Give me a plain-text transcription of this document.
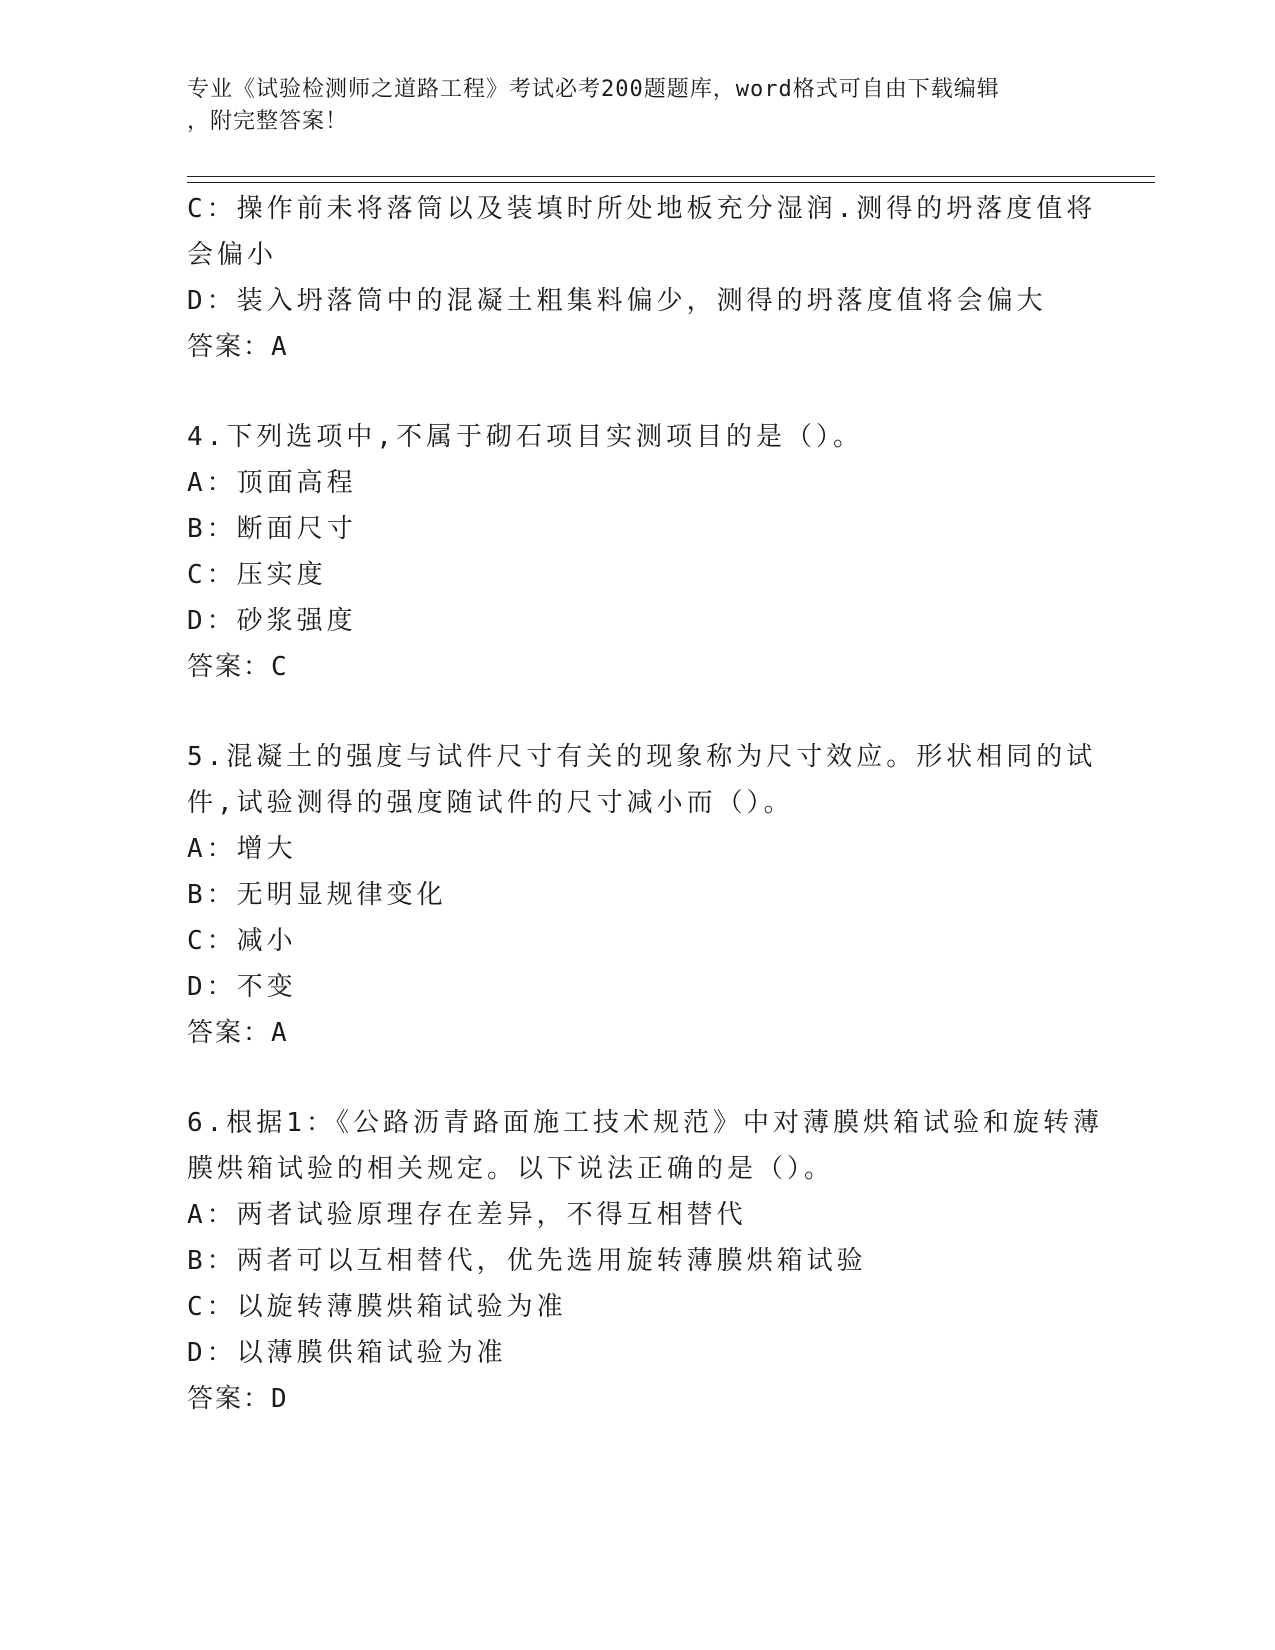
专业《试验检测师之道路工程》考试必考200题题库，word格式可自由下载编辑
，附完整答案！
C：操作前未将落筒以及装填时所处地板充分湿润.测得的坍落度值将
会偏小
D：装入坍落筒中的混凝土粗集料偏少，测得的坍落度值将会偏大
答案：A
4.下列选项中,不属于砌石项目实测项目的是（）。
A：顶面高程
B：断面尺寸
C：压实度
D：砂浆强度
答案：C
5.混凝土的强度与试件尺寸有关的现象称为尺寸效应。形状相同的试
件,试验测得的强度随试件的尺寸减小而（）。
A：增大
B：无明显规律变化
C：减小
D：不变
答案：A
6.根据1：《公路沥青路面施工技术规范》中对薄膜烘箱试验和旋转薄
膜烘箱试验的相关规定。以下说法正确的是（）。
A：两者试验原理存在差异，不得互相替代
B：两者可以互相替代，优先选用旋转薄膜烘箱试验
C：以旋转薄膜烘箱试验为准
D：以薄膜供箱试验为准
答案：D
